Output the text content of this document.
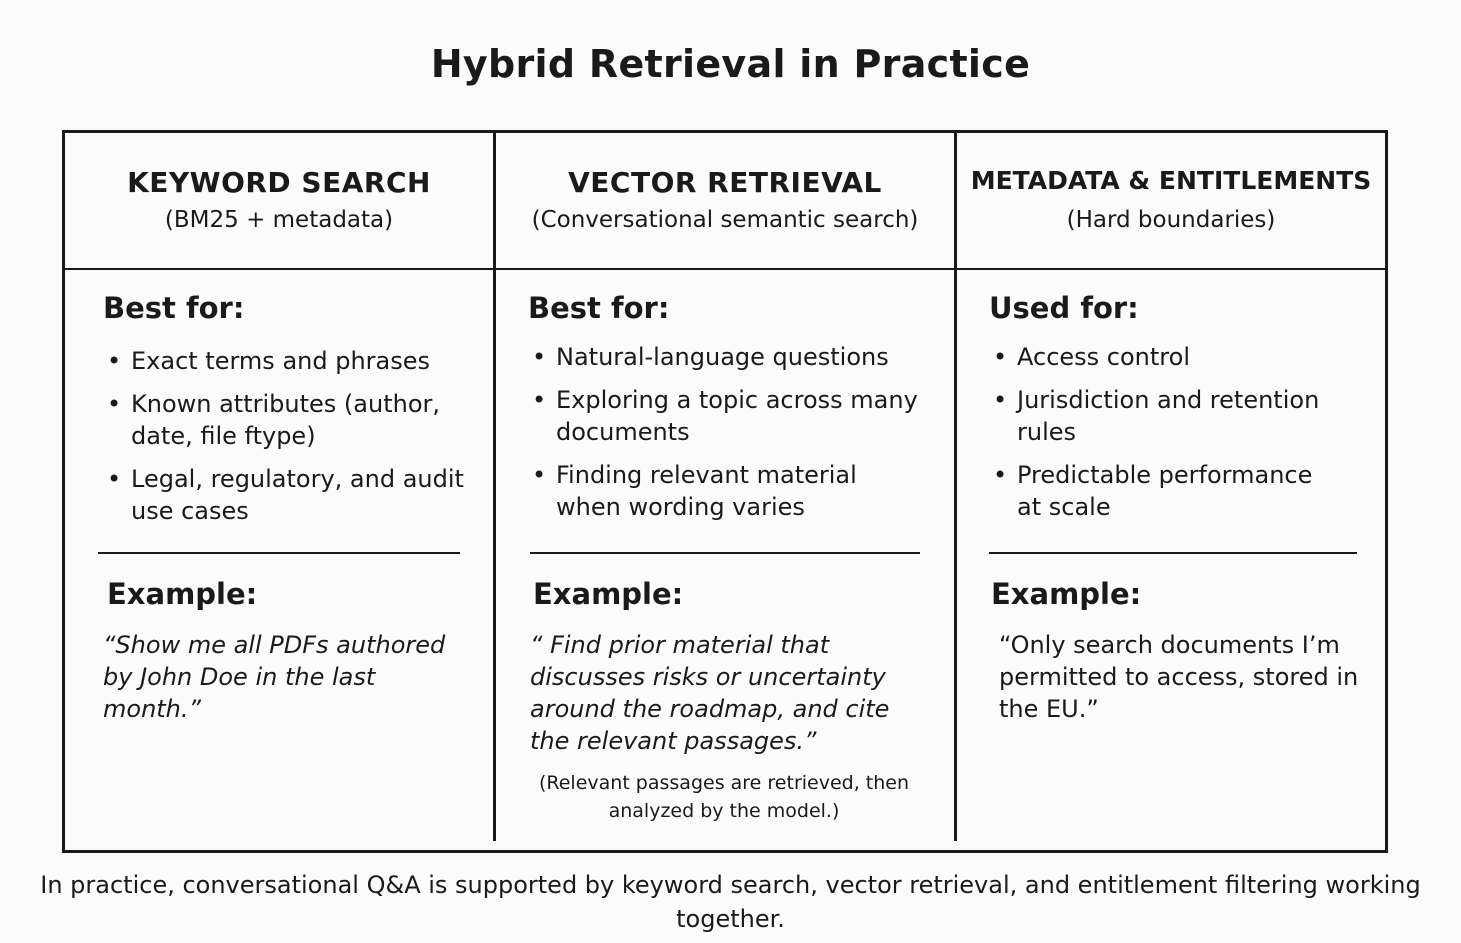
Hybrid Retrieval in Practice
KEYWORD SEARCH
(BM25 + metadata)
Best for:
• Exact terms and phrases
• Known attributes (author, date, file ftype)
• Legal, regulatory, and audit use cases
Example:
“Show me all PDFs authored by John Doe in the last month.”
VECTOR RETRIEVAL
(Conversational semantic search)
Best for:
• Natural-language questions
• Exploring a topic across many documents
• Finding relevant material when wording varies
Example:
“ Find prior material that discusses risks or uncertainty around the roadmap, and cite the relevant passages.”
(Relevant passages are retrieved, then analyzed by the model.)
METADATA & ENTITLEMENTS
(Hard boundaries)
Used for:
• Access control
• Jurisdiction and retention rules
• Predictable performance at scale
Example:
“Only search documents I’m permitted to access, stored in the EU.”
In practice, conversational Q&A is supported by keyword search, vector retrieval, and entitlement filtering working together.
